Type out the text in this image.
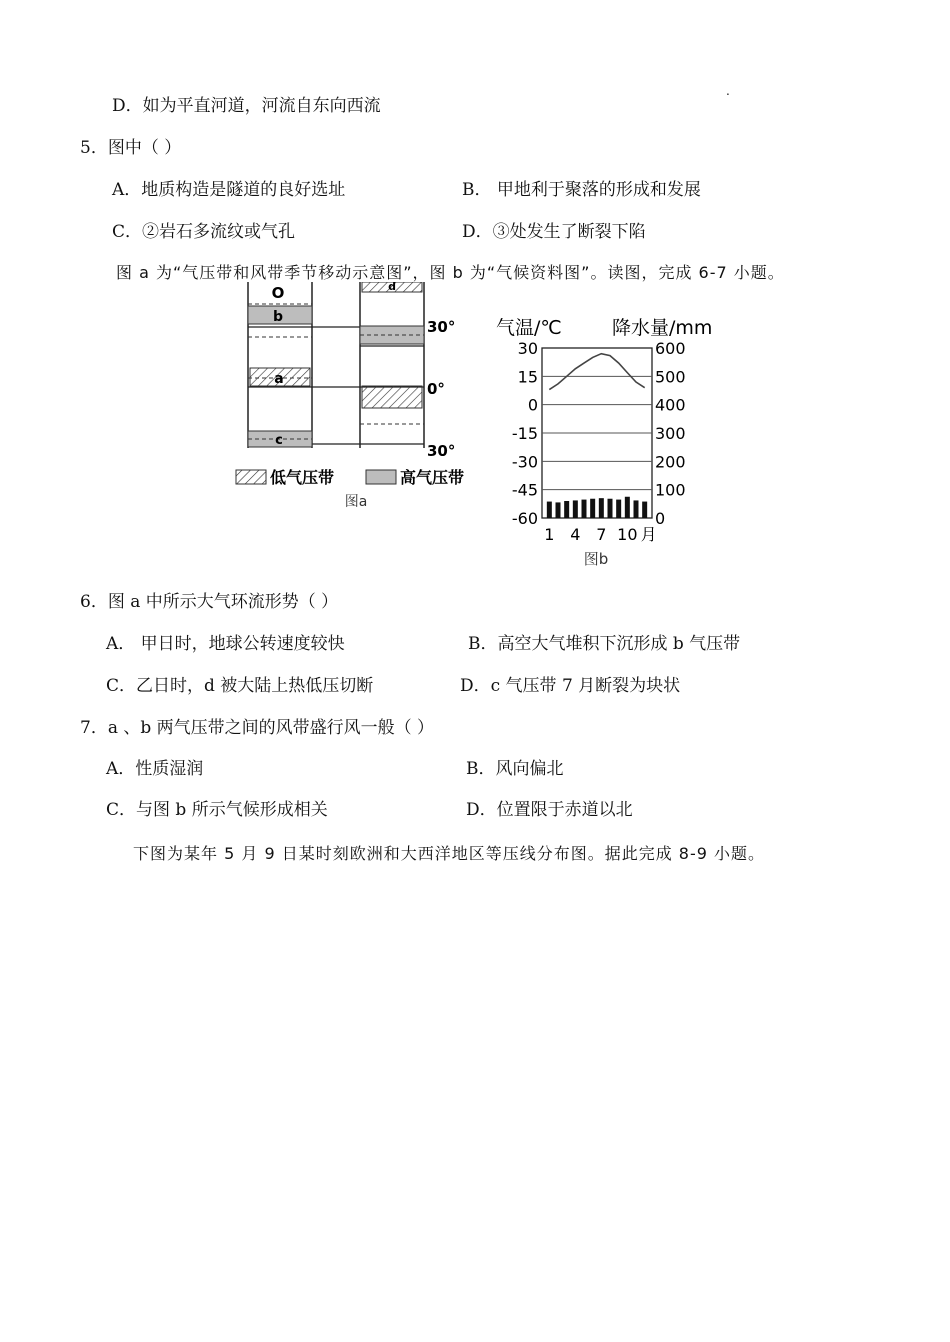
D．如为平直河道，河流自东向西流
.
5．图中（ ）
A．地质构造是隧道的良好选址	B． 甲地利于聚落的形成和发展
C．②岩石多流纹或气孔	D．③处发生了断裂下陷
图 a 为“气压带和风带季节移动示意图”，图 b 为“气候资料图”。读图，完成 6-7 小题。
O
b
a
c
d
30°
0°
30°
低气压带	高气压带
图a
气温/℃	降水量/mm
30
15
0
-15
-30
-45
-60
600
500
400
300
200
100
0
1 4 7 10 月
图b
6．图 a 中所示大气环流形势（ ）
A． 甲日时，地球公转速度较快	B．高空大气堆积下沉形成 b 气压带
C．乙日时，d 被大陆上热低压切断	D．c 气压带 7 月断裂为块状
7．a 、b 两气压带之间的风带盛行风一般（ ）
A．性质湿润	B．风向偏北
C．与图 b 所示气候形成相关	D．位置限于赤道以北
下图为某年 5 月 9 日某时刻欧洲和大西洋地区等压线分布图。据此完成 8-9 小题。
